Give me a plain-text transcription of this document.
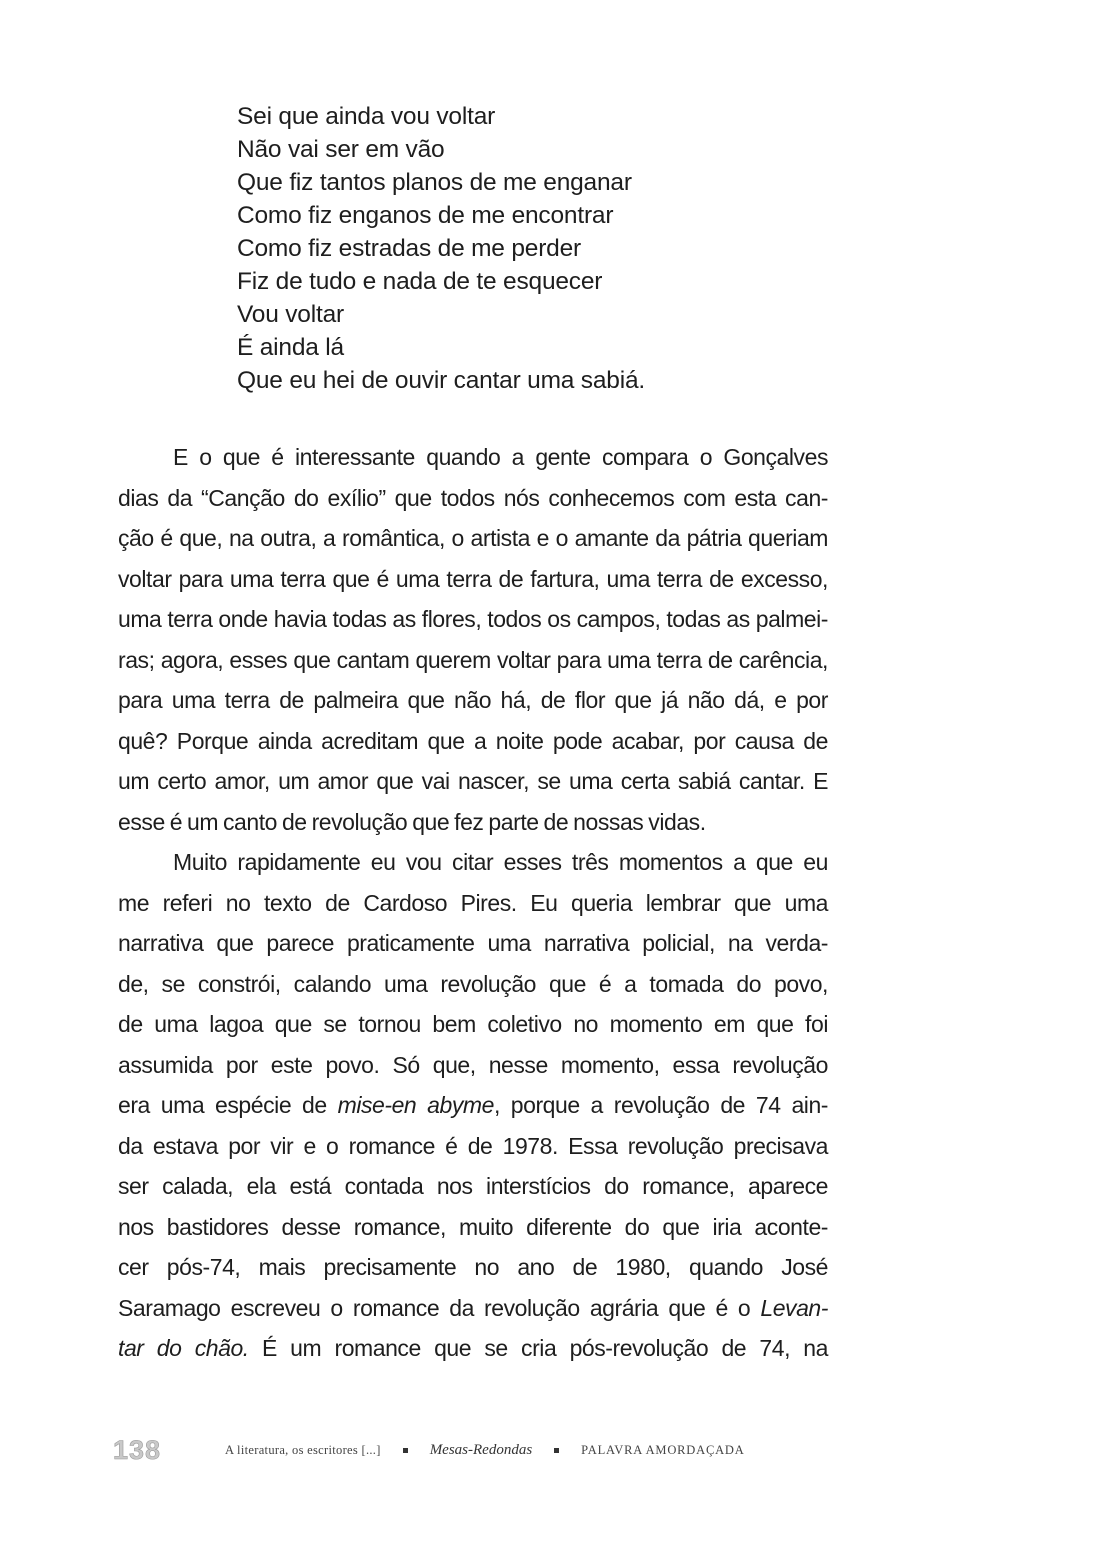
Sei que ainda vou voltar
Não vai ser em vão
Que fiz tantos planos de me enganar
Como fiz enganos de me encontrar
Como fiz estradas de me perder
Fiz de tudo e nada de te esquecer
Vou voltar
É ainda lá
Que eu hei de ouvir cantar uma sabiá.
E o que é interessante quando a gente compara o Gonçalves
dias da “Canção do exílio” que todos nós conhecemos com esta can-
ção é que, na outra, a romântica, o artista e o amante da pátria queriam
voltar para uma terra que é uma terra de fartura, uma terra de excesso,
uma terra onde havia todas as flores, todos os campos, todas as palmei-
ras; agora, esses que cantam querem voltar para uma terra de carência,
para uma terra de palmeira que não há, de flor que já não dá, e por
quê? Porque ainda acreditam que a noite pode acabar, por causa de
um certo amor, um amor que vai nascer, se uma certa sabiá cantar. E
esse é um canto de revolução que fez parte de nossas vidas.
Muito rapidamente eu vou citar esses três momentos a que eu
me referi no texto de Cardoso Pires. Eu queria lembrar que uma
narrativa que parece praticamente uma narrativa policial, na verda-
de, se constrói, calando uma revolução que é a tomada do povo,
de uma lagoa que se tornou bem coletivo no momento em que foi
assumida por este povo. Só que, nesse momento, essa revolução
era uma espécie de mise-en abyme, porque a revolução de 74 ain-
da estava por vir e o romance é de 1978. Essa revolução precisava
ser calada, ela está contada nos interstícios do romance, aparece
nos bastidores desse romance, muito diferente do que iria aconte-
cer pós-74, mais precisamente no ano de 1980, quando José
Saramago escreveu o romance da revolução agrária que é o Levan-
tar do chão. É um romance que se cria pós-revolução de 74, na
138	A literatura, os escritores [...]	Mesas-Redondas	PALAVRA AMORDAÇADA
